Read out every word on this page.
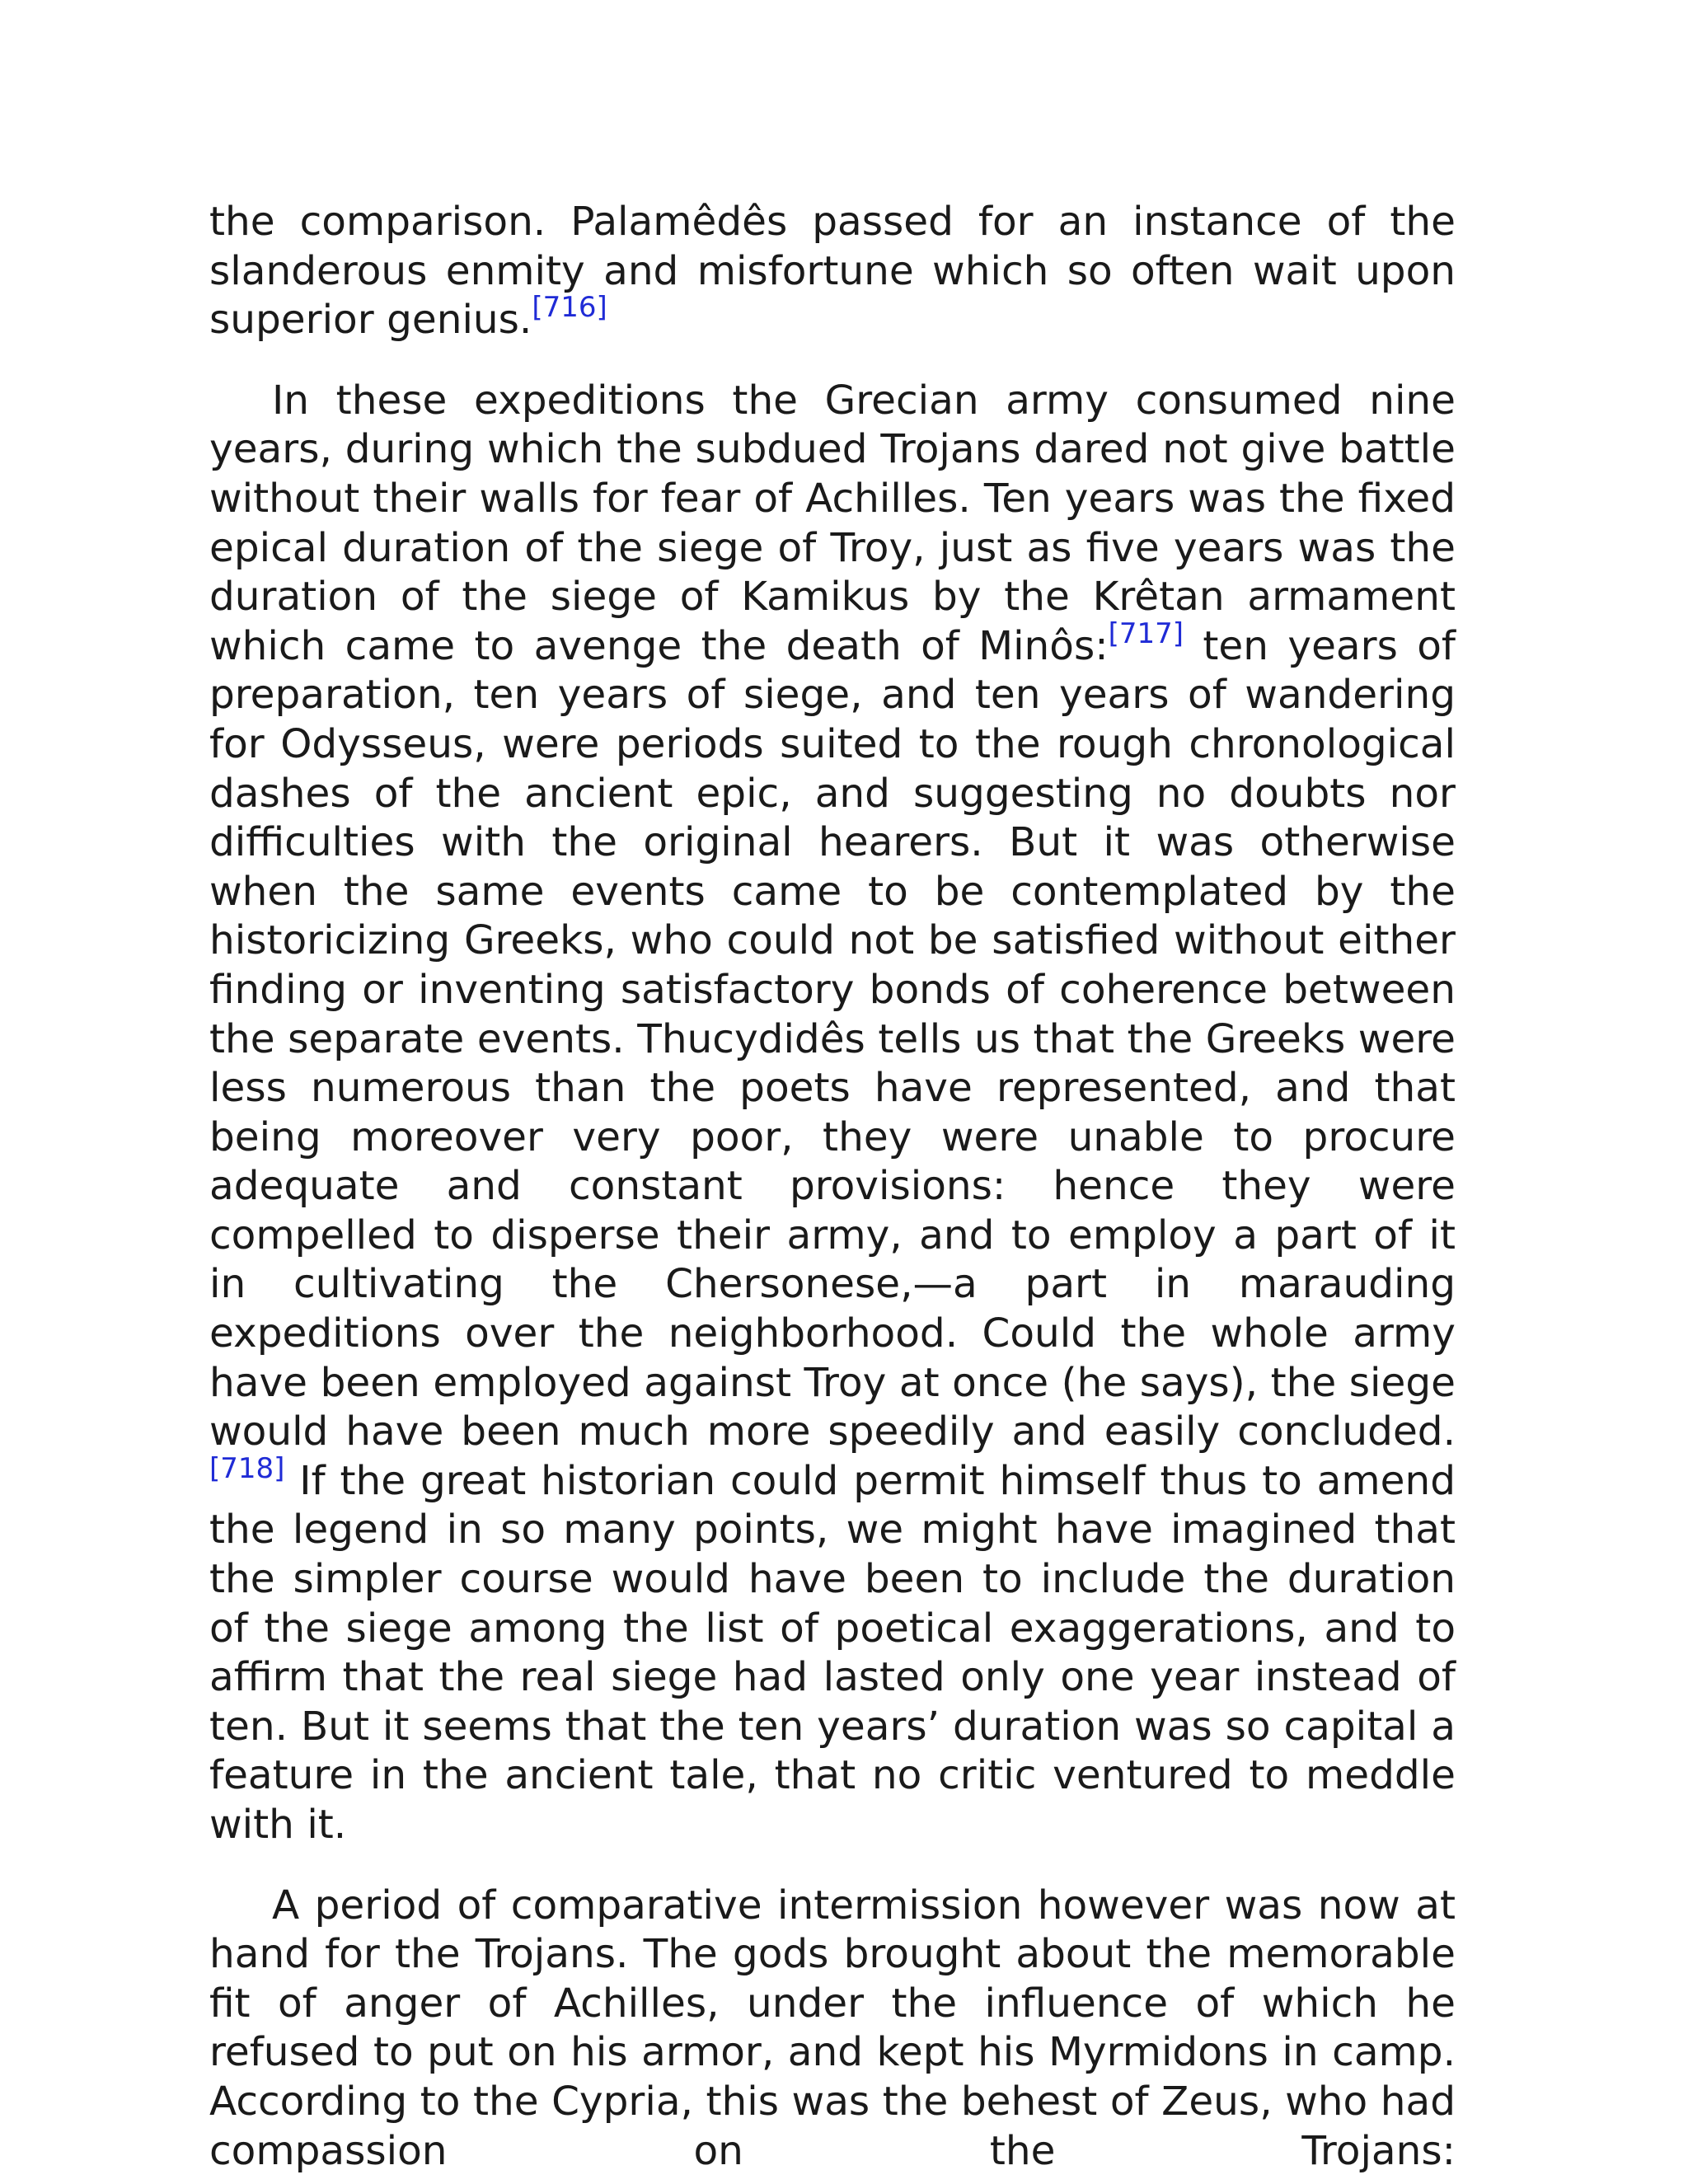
the comparison. Palamêdês passed for an instance of the slanderous enmity and misfortune which so often wait upon superior genius.[716]

In these expeditions the Grecian army consumed nine years, during which the subdued Trojans dared not give battle without their walls for fear of Achilles. Ten years was the fixed epical duration of the siege of Troy, just as five years was the duration of the siege of Kamikus by the Krêtan armament which came to avenge the death of Minôs:[717] ten years of preparation, ten years of siege, and ten years of wandering for Odysseus, were periods suited to the rough chronological dashes of the ancient epic, and suggesting no doubts nor difficulties with the original hearers. But it was otherwise when the same events came to be contemplated by the historicizing Greeks, who could not be satisfied without either finding or inventing satisfactory bonds of coherence between the separate events. Thucydidês tells us that the Greeks were less numerous than the poets have represented, and that being moreover very poor, they were unable to procure adequate and constant provisions: hence they were compelled to disperse their army, and to employ a part of it in cultivating the Chersonese,—a part in marauding expeditions over the neighborhood. Could the whole army have been employed against Troy at once (he says), the siege would have been much more speedily and easily concluded.[718] If the great historian could permit himself thus to amend the legend in so many points, we might have imagined that the simpler course would have been to include the duration of the siege among the list of poetical exaggerations, and to affirm that the real siege had lasted only one year instead of ten. But it seems that the ten years’ duration was so capital a feature in the ancient tale, that no critic ventured to meddle with it.

A period of comparative intermission however was now at hand for the Trojans. The gods brought about the memorable fit of anger of Achilles, under the influence of which he refused to put on his armor, and kept his Myrmidons in camp. According to the Cypria, this was the behest of Zeus, who had compassion on the Trojans:
